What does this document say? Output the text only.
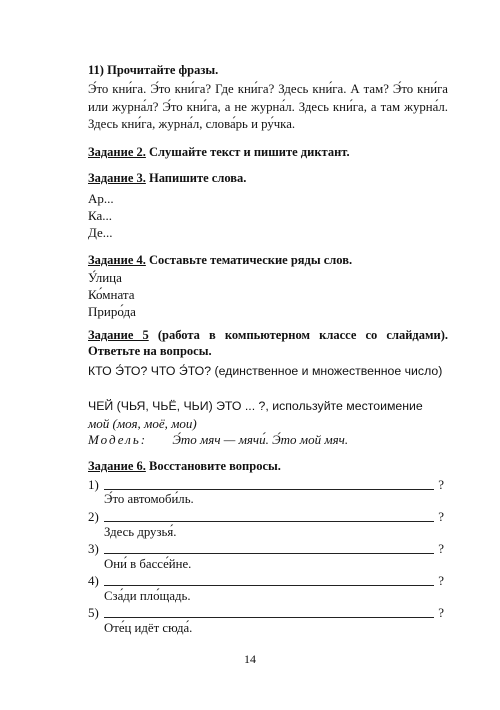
11) Прочитайте фразы.
Э́то кни́га. Э́то кни́га? Где кни́га? Здесь кни́га. А там? Э́то кни́га или журна́л? Э́то кни́га, а не журна́л. Здесь кни́га, а там журна́л. Здесь кни́га, журна́л, слова́рь и ру́чка.
Задание 2. Слушайте текст и пишите диктант.
Задание 3. Напишите слова.
Ар...
Ка...
Де...
Задание 4. Составьте тематические ряды слов.
У́лица
Ко́мната
Приро́да
Задание 5 (работа в компьютерном классе со слайдами). Ответьте на вопросы.
КТО Э́ТО? ЧТО Э́ТО? (единственное и множественное число)
ЧЕЙ (ЧЬЯ, ЧЬЁ, ЧЬИ) ЭТО ... ?, используйте местоимение
мой (моя, моё, мои)
Модель: Э́то мяч — мячи́. Э́то мой мяч.
Задание 6. Восстановите вопросы.
1)	?
Э́то автомоби́ль.
2)	?
Здесь друзья́.
3)	?
Они́ в бассе́йне.
4)	?
Сза́ди пло́щадь.
5)	?
Оте́ц идёт сюда́.
14
